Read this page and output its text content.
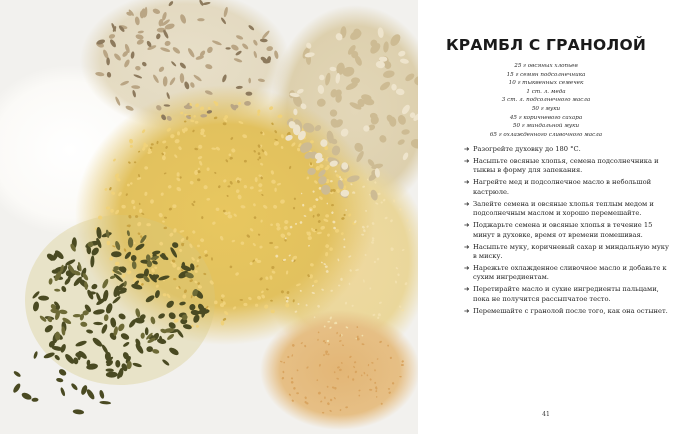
КРАМБЛ С ГРАНОЛОЙ
25 г овсяных хлопьев
15 г семян подсолнечника
10 г тыквенных семечек
1 ст. л. меда
3 ст. л. подсолнечного масла
50 г муки
45 г коричневого сахара
50 г миндальной муки
65 г охлажденного сливочного масла
➔ Разогрейте духовку до 180 °С.
➔ Насыпьте овсяные хлопья, семена подсолнечника и тыквы в форму для запекания.
➔ Нагрейте мед и подсолнечное масло в небольшой кастрюле.
➔ Залейте семена и овсяные хлопья теплым медом и подсолнечным маслом и хорошо перемешайте.
➔ Поджарьте семена и овсяные хлопья в течение 15 минут в духовке, время от времени помешивая.
➔ Насыпьте муку, коричневый сахар и миндальную муку в миску.
➔ Нарежьте охлажденное сливочное масло и добавьте к сухим ингредиентам.
➔ Перетирайте масло и сухие ингредиенты пальцами, пока не получится рассыпчатое тесто.
➔ Перемешайте с гранолой после того, как она остынет.
41
